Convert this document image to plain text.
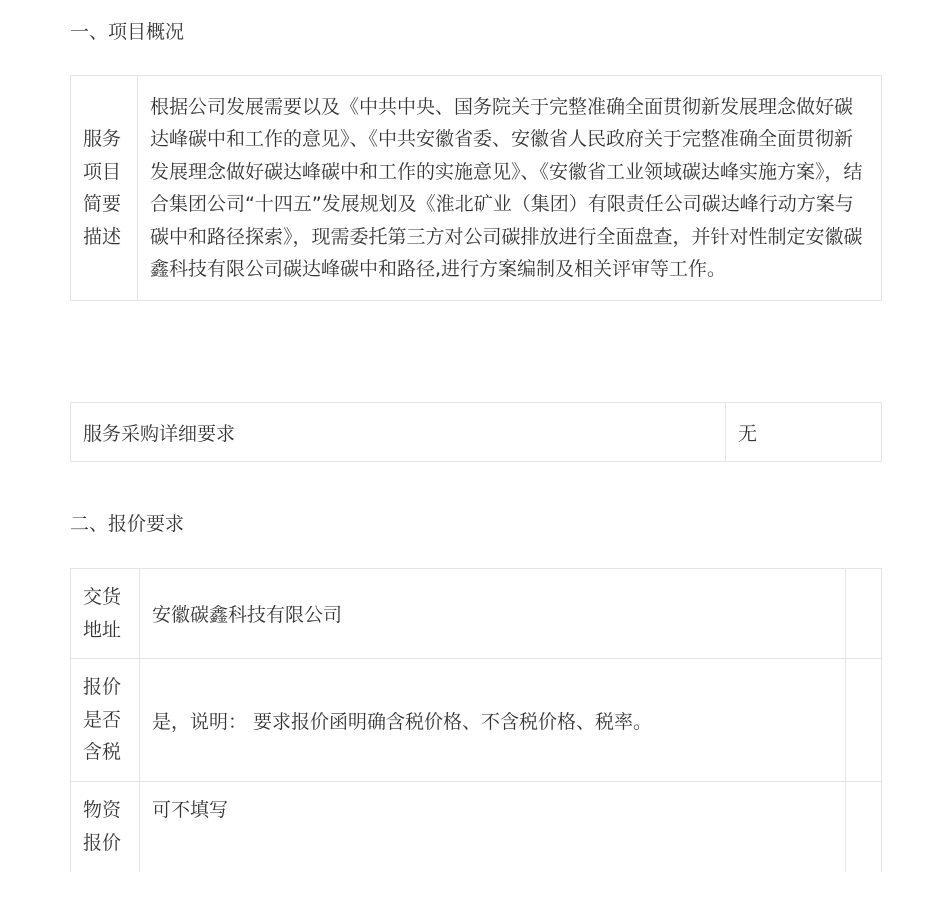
一、项目概况
服务项目简要描述	根据公司发展需要以及《中共中央、国务院关于完整准确全面贯彻新发展理念做好碳达峰碳中和工作的意见》、《中共安徽省委、安徽省人民政府关于完整准确全面贯彻新发展理念做好碳达峰碳中和工作的实施意见》、《安徽省工业领域碳达峰实施方案》，结合集团公司“十四五”发展规划及《淮北矿业（集团）有限责任公司碳达峰行动方案与碳中和路径探索》，现需委托第三方对公司碳排放进行全面盘查，并针对性制定安徽碳鑫科技有限公司碳达峰碳中和路径,进行方案编制及相关评审等工作。
服务采购详细要求	无
二、报价要求
交货地址	安徽碳鑫科技有限公司	
报价是否含税	是，说明： 要求报价函明确含税价格、不含税价格、税率。	
物资报价	可不填写	
